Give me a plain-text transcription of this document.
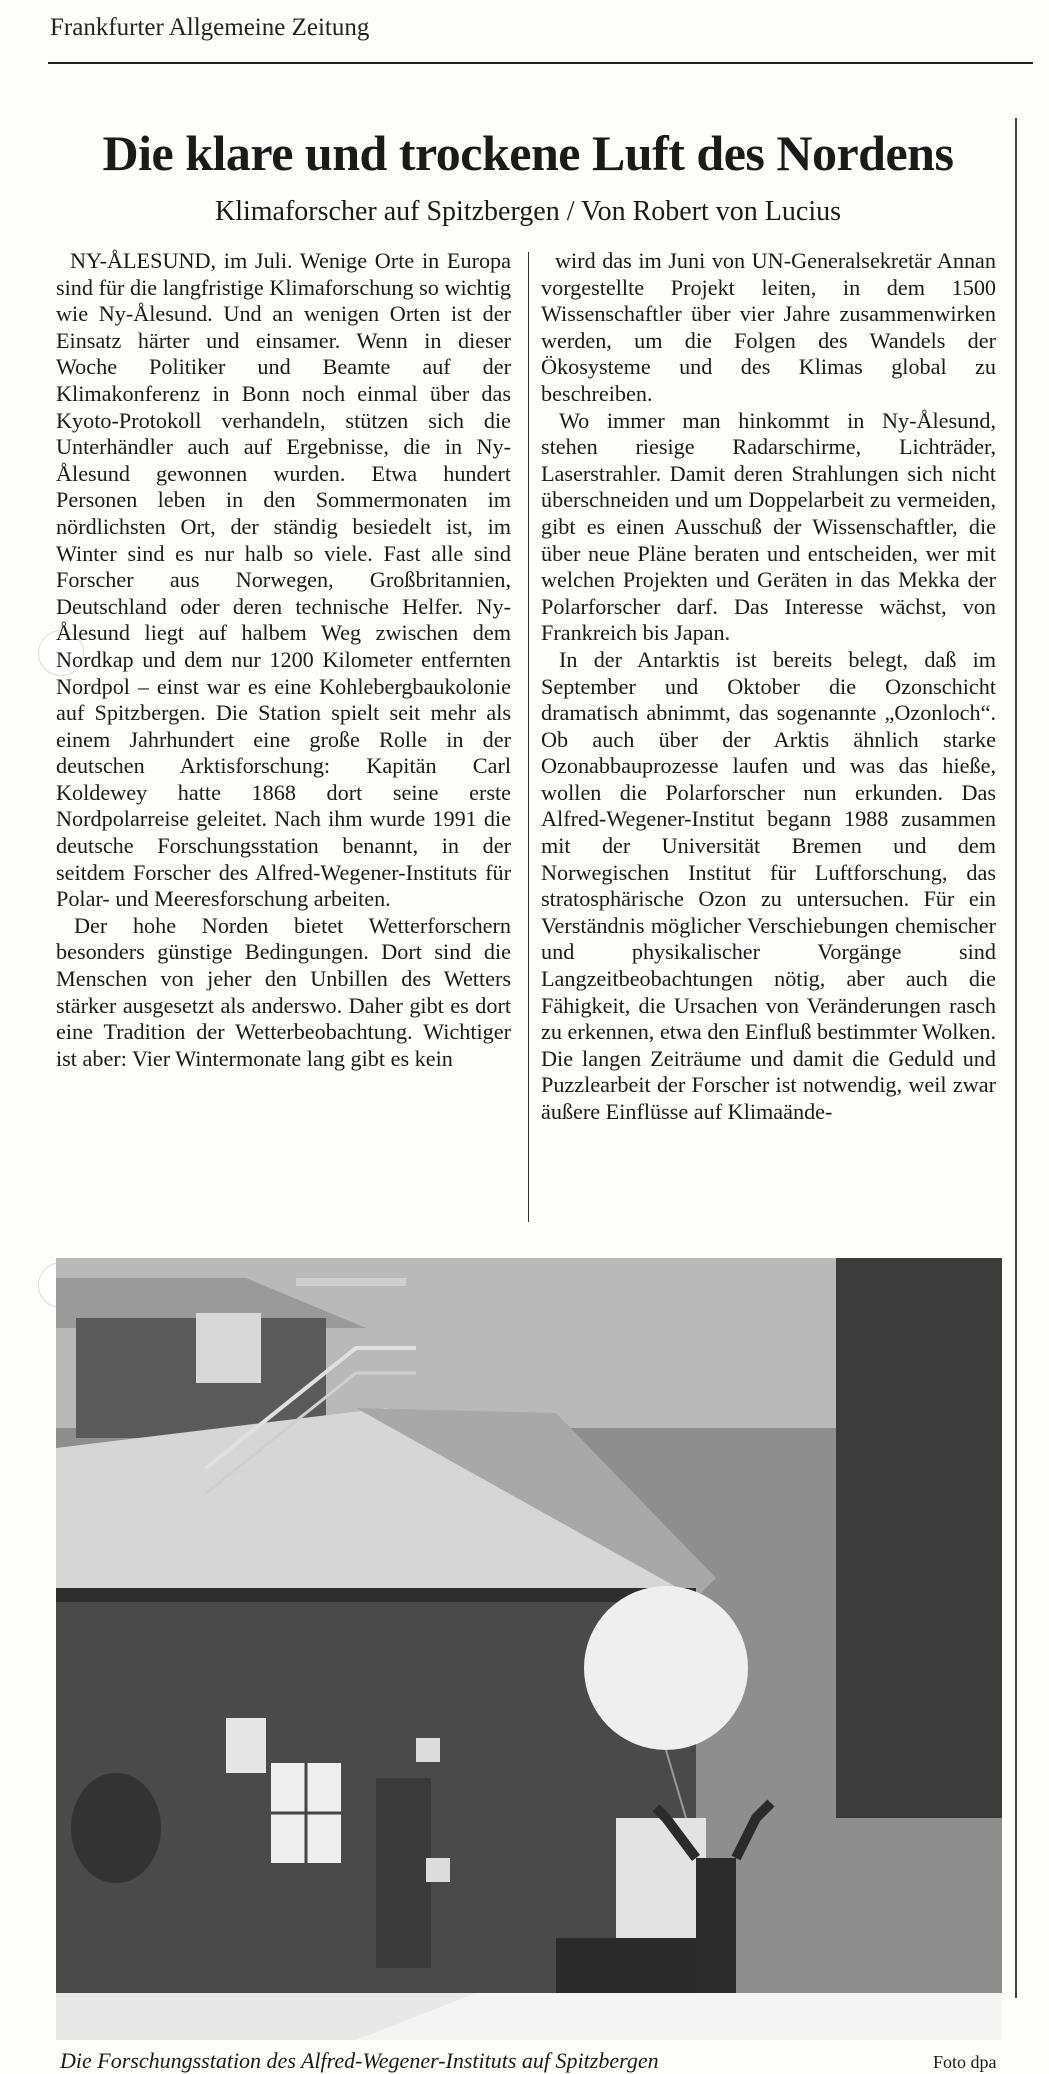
Frankfurter Allgemeine Zeitung
Die klare und trockene Luft des Nordens
Klimaforscher auf Spitzbergen / Von Robert von Lucius

NY-ÅLESUND, im Juli. Wenige Orte in Europa sind für die langfristige Klimaforschung so wichtig wie Ny-Ålesund. Und an wenigen Orten ist der Einsatz härter und einsamer. Wenn in dieser Woche Politiker und Beamte auf der Klimakonferenz in Bonn noch einmal über das Kyoto-Protokoll verhandeln, stützen sich die Unterhändler auch auf Ergebnisse, die in Ny-Ålesund gewonnen wurden. Etwa hundert Personen leben in den Sommermonaten im nördlichsten Ort, der ständig besiedelt ist, im Winter sind es nur halb so viele. Fast alle sind Forscher aus Norwegen, Großbritannien, Deutschland oder deren technische Helfer. Ny-Ålesund liegt auf halbem Weg zwischen dem Nordkap und dem nur 1200 Kilometer entfernten Nordpol – einst war es eine Kohlebergbaukolonie auf Spitzbergen. Die Station spielt seit mehr als einem Jahrhundert eine große Rolle in der deutschen Arktisforschung: Kapitän Carl Koldewey hatte 1868 dort seine erste Nordpolarreise geleitet. Nach ihm wurde 1991 die deutsche Forschungsstation benannt, in der seitdem Forscher des Alfred-Wegener-Instituts für Polar- und Meeresforschung arbeiten.

Der hohe Norden bietet Wetterforschern besonders günstige Bedingungen. Dort sind die Menschen von jeher den Unbillen des Wetters stärker ausgesetzt als anderswo. Daher gibt es dort eine Tradition der Wetterbeobachtung. Wichtiger ist aber: Vier Wintermonate lang gibt es kein

wird das im Juni von UN-Generalsekretär Annan vorgestellte Projekt leiten, in dem 1500 Wissenschaftler über vier Jahre zusammenwirken werden, um die Folgen des Wandels der Ökosysteme und des Klimas global zu beschreiben.

Wo immer man hinkommt in Ny-Ålesund, stehen riesige Radarschirme, Lichträder, Laserstrahler. Damit deren Strahlungen sich nicht überschneiden und um Doppelarbeit zu vermeiden, gibt es einen Ausschuß der Wissenschaftler, die über neue Pläne beraten und entscheiden, wer mit welchen Projekten und Geräten in das Mekka der Polarforscher darf. Das Interesse wächst, von Frankreich bis Japan.

In der Antarktis ist bereits belegt, daß im September und Oktober die Ozonschicht dramatisch abnimmt, das sogenannte „Ozonloch“. Ob auch über der Arktis ähnlich starke Ozonabbauprozesse laufen und was das hieße, wollen die Polarforscher nun erkunden. Das Alfred-Wegener-Institut begann 1988 zusammen mit der Universität Bremen und dem Norwegischen Institut für Luftforschung, das stratosphärische Ozon zu untersuchen. Für ein Verständnis möglicher Verschiebungen chemischer und physikalischer Vorgänge sind Langzeitbeobachtungen nötig, aber auch die Fähigkeit, die Ursachen von Veränderungen rasch zu erkennen, etwa den Einfluß bestimmter Wolken. Die langen Zeiträume und damit die Geduld und Puzzlearbeit der Forscher ist notwendig, weil zwar äußere Einflüsse auf Klimaände-

Die Forschungsstation des Alfred-Wegener-Instituts auf Spitzbergen	Foto dpa
